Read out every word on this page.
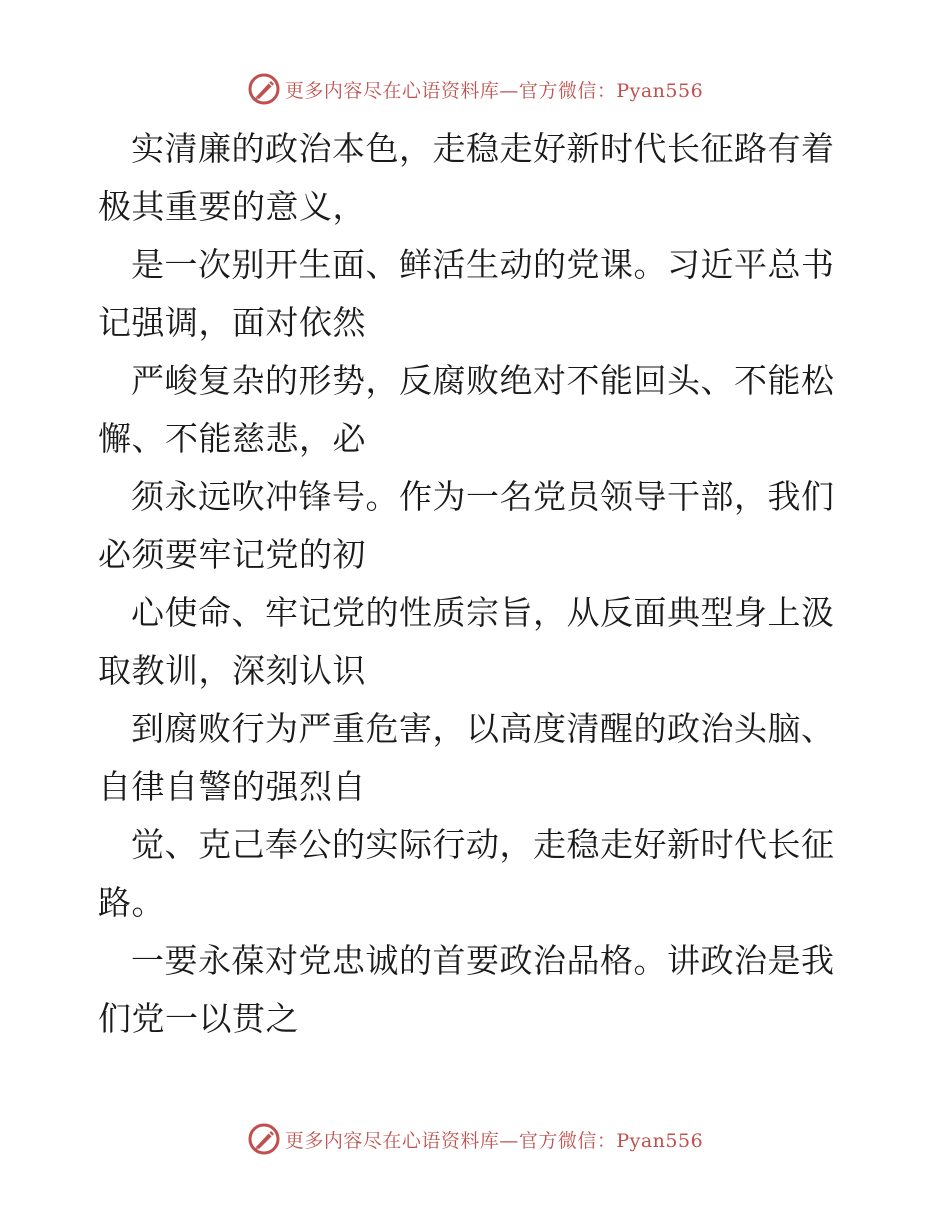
更多内容尽在心语资料库—官方微信：Pyan556

实清廉的政治本色，走稳走好新时代长征路有着极其重要的意义，

是一次别开生面、鲜活生动的党课。习近平总书记强调，面对依然

严峻复杂的形势，反腐败绝对不能回头、不能松懈、不能慈悲，必

须永远吹冲锋号。作为一名党员领导干部，我们必须要牢记党的初

心使命、牢记党的性质宗旨，从反面典型身上汲取教训，深刻认识

到腐败行为严重危害，以高度清醒的政治头脑、自律自警的强烈自

觉、克己奉公的实际行动，走稳走好新时代长征路。

一要永葆对党忠诚的首要政治品格。讲政治是我们党一以贯之

更多内容尽在心语资料库—官方微信：Pyan556
